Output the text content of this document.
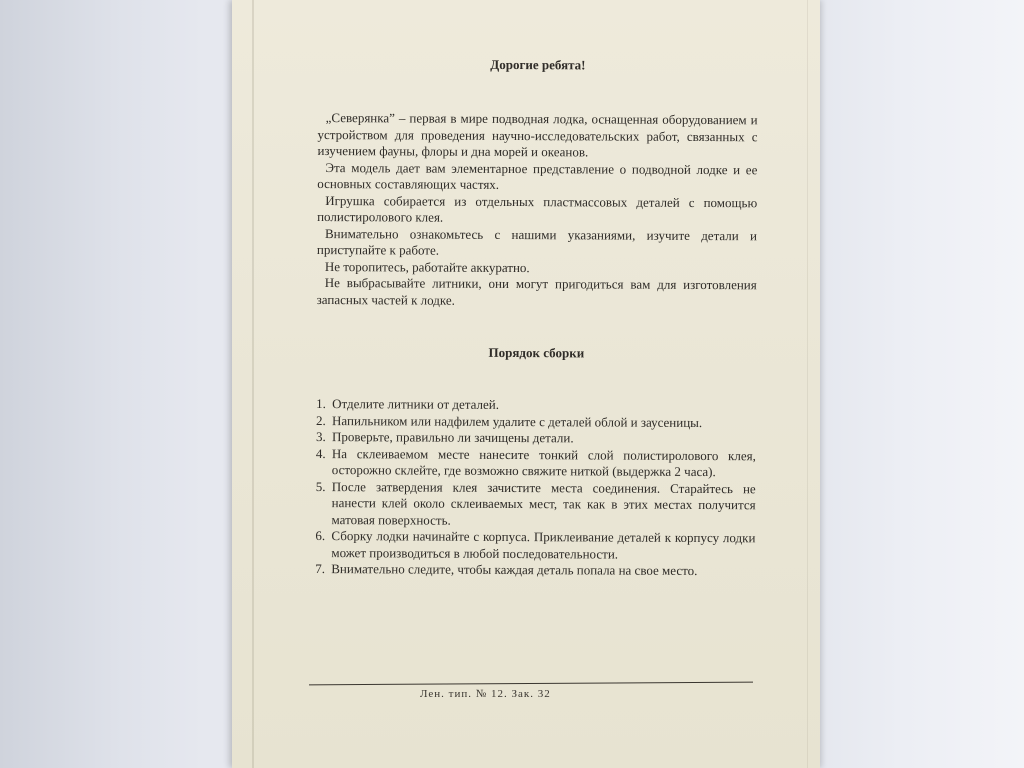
Дорогие ребята!

„Северянка” – первая в мире подводная лодка, оснащенная оборудованием и устройством для проведения научно-исследовательских работ, связанных с изучением фауны, флоры и дна морей и океанов.

Эта модель дает вам элементарное представление о подводной лодке и ее основных составляющих частях.

Игрушка собирается из отдельных пластмассовых деталей с помощью полистиролового клея.

Внимательно ознакомьтесь с нашими указаниями, изучите детали и приступайте к работе.

Не торопитесь, работайте аккуратно.

Не выбрасывайте литники, они могут пригодиться вам для изготовления запасных частей к лодке.

Порядок сборки

1. Отделите литники от деталей.
2. Напильником или надфилем удалите с деталей облой и заусеницы.
3. Проверьте, правильно ли зачищены детали.
4. На склеиваемом месте нанесите тонкий слой полистиролового клея, осторожно склейте, где возможно свяжите ниткой (выдержка 2 часа).
5. После затвердения клея зачистите места соединения. Старайтесь не нанести клей около склеиваемых мест, так как в этих местах получится матовая поверхность.
6. Сборку лодки начинайте с корпуса. Приклеивание деталей к корпусу лодки может производиться в любой последовательности.
7. Внимательно следите, чтобы каждая деталь попала на свое место.
Лен. тип. № 12. Зак. 32
